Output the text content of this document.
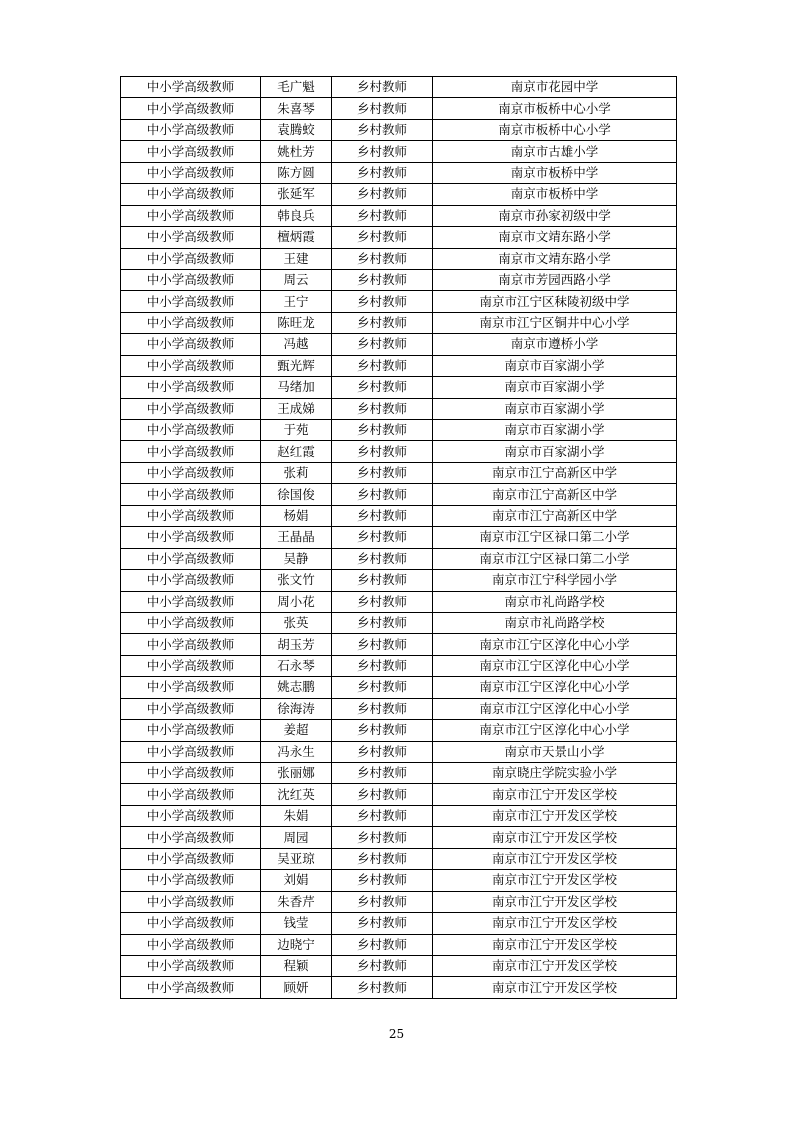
中小学高级教师	毛广魁	乡村教师	南京市花园中学
中小学高级教师	朱喜琴	乡村教师	南京市板桥中心小学
中小学高级教师	袁腾蛟	乡村教师	南京市板桥中心小学
中小学高级教师	姚杜芳	乡村教师	南京市古雄小学
中小学高级教师	陈方圆	乡村教师	南京市板桥中学
中小学高级教师	张延军	乡村教师	南京市板桥中学
中小学高级教师	韩良兵	乡村教师	南京市孙家初级中学
中小学高级教师	檀炳霞	乡村教师	南京市文靖东路小学
中小学高级教师	王建	乡村教师	南京市文靖东路小学
中小学高级教师	周云	乡村教师	南京市芳园西路小学
中小学高级教师	王宁	乡村教师	南京市江宁区秣陵初级中学
中小学高级教师	陈旺龙	乡村教师	南京市江宁区铜井中心小学
中小学高级教师	冯越	乡村教师	南京市遵桥小学
中小学高级教师	甄光辉	乡村教师	南京市百家湖小学
中小学高级教师	马绪加	乡村教师	南京市百家湖小学
中小学高级教师	王成娣	乡村教师	南京市百家湖小学
中小学高级教师	于苑	乡村教师	南京市百家湖小学
中小学高级教师	赵红霞	乡村教师	南京市百家湖小学
中小学高级教师	张莉	乡村教师	南京市江宁高新区中学
中小学高级教师	徐国俊	乡村教师	南京市江宁高新区中学
中小学高级教师	杨娟	乡村教师	南京市江宁高新区中学
中小学高级教师	王晶晶	乡村教师	南京市江宁区禄口第二小学
中小学高级教师	吴静	乡村教师	南京市江宁区禄口第二小学
中小学高级教师	张文竹	乡村教师	南京市江宁科学园小学
中小学高级教师	周小花	乡村教师	南京市礼尚路学校
中小学高级教师	张英	乡村教师	南京市礼尚路学校
中小学高级教师	胡玉芳	乡村教师	南京市江宁区淳化中心小学
中小学高级教师	石永琴	乡村教师	南京市江宁区淳化中心小学
中小学高级教师	姚志鹏	乡村教师	南京市江宁区淳化中心小学
中小学高级教师	徐海涛	乡村教师	南京市江宁区淳化中心小学
中小学高级教师	姜超	乡村教师	南京市江宁区淳化中心小学
中小学高级教师	冯永生	乡村教师	南京市天景山小学
中小学高级教师	张丽娜	乡村教师	南京晓庄学院实验小学
中小学高级教师	沈红英	乡村教师	南京市江宁开发区学校
中小学高级教师	朱娟	乡村教师	南京市江宁开发区学校
中小学高级教师	周园	乡村教师	南京市江宁开发区学校
中小学高级教师	吴亚琼	乡村教师	南京市江宁开发区学校
中小学高级教师	刘娟	乡村教师	南京市江宁开发区学校
中小学高级教师	朱香芹	乡村教师	南京市江宁开发区学校
中小学高级教师	钱莹	乡村教师	南京市江宁开发区学校
中小学高级教师	边晓宁	乡村教师	南京市江宁开发区学校
中小学高级教师	程颖	乡村教师	南京市江宁开发区学校
中小学高级教师	顾妍	乡村教师	南京市江宁开发区学校
25
